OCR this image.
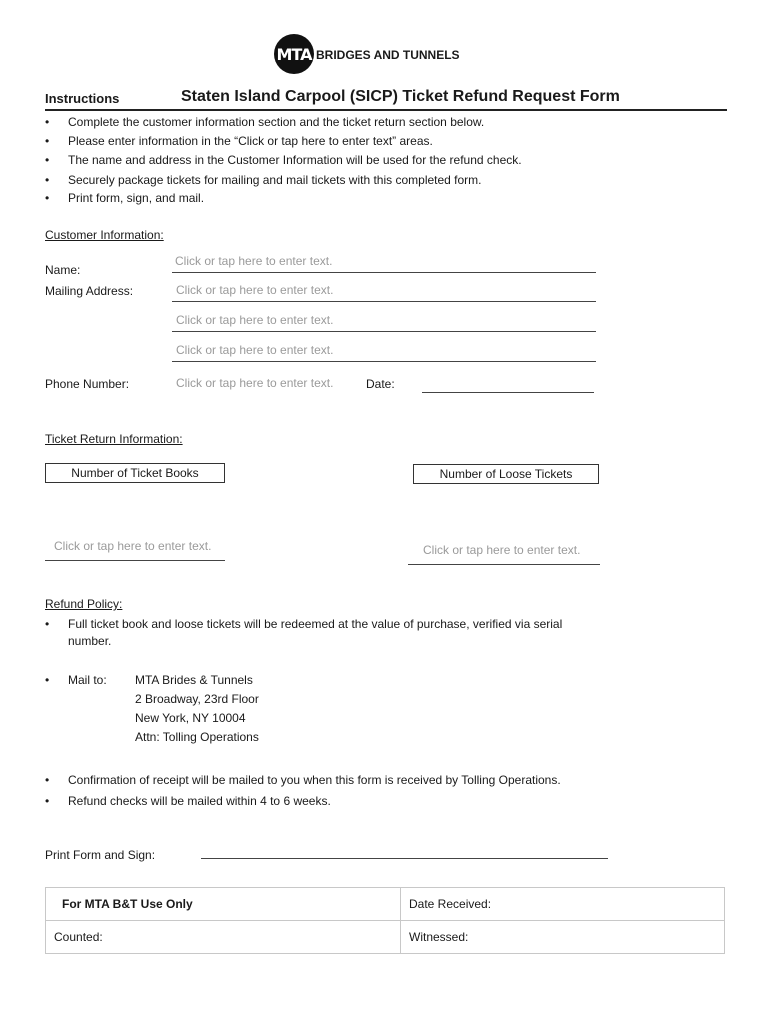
MTA BRIDGES AND TUNNELS
Instructions	Staten Island Carpool (SICP) Ticket Refund Request Form
• Complete the customer information section and the ticket return section below.
• Please enter information in the “Click or tap here to enter text” areas.
• The name and address in the Customer Information will be used for the refund check.
• Securely package tickets for mailing and mail tickets with this completed form.
• Print form, sign, and mail.
Customer Information:
Name:
Click or tap here to enter text.
Mailing Address:	Click or tap here to enter text.
Click or tap here to enter text.
Click or tap here to enter text.
Phone Number:	Click or tap here to enter text.	Date:
Ticket Return Information:
Number of Ticket Books	Number of Loose Tickets
Click or tap here to enter text.	Click or tap here to enter text.
Refund Policy:
• Full ticket book and loose tickets will be redeemed at the value of purchase, verified via serial
number.
• Mail to: MTA Brides & Tunnels
2 Broadway, 23rd Floor
New York, NY 10004
Attn: Tolling Operations
• Confirmation of receipt will be mailed to you when this form is received by Tolling Operations.
• Refund checks will be mailed within 4 to 6 weeks.
Print Form and Sign:
For MTA B&T Use Only	Date Received:
Counted:	Witnessed:
